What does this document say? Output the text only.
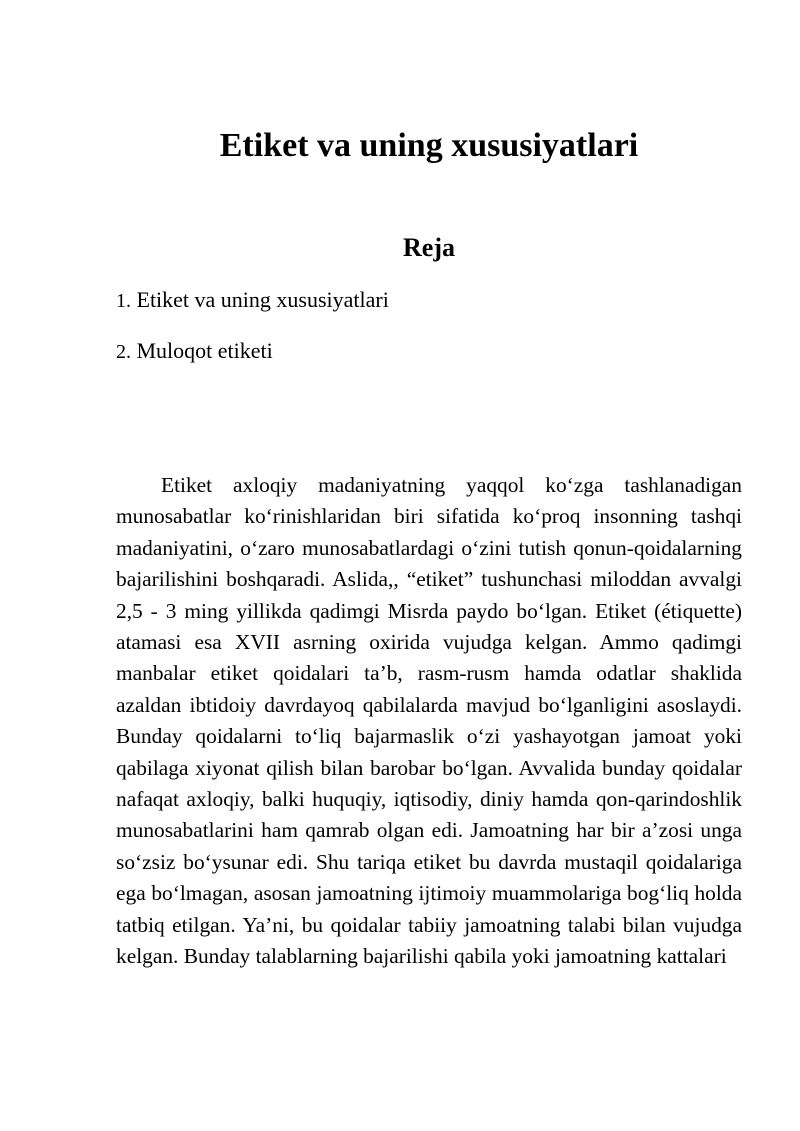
Etiket va uning xususiyatlari
Reja
1. Etiket va uning xususiyatlari
2. Muloqot etiketi

Etiket axloqiy madaniyatning yaqqol koʻzga tashlanadigan munosabatlar koʻrinishlaridan biri sifatida koʻproq insonning tashqi madaniyatini, oʻzaro munosabatlardagi oʻzini tutish qonun-qoidalarning bajarilishini boshqaradi. Aslida,, “etiket” tushunchasi miloddan avvalgi 2,5 - 3 ming yillikda qadimgi Misrda paydo boʻlgan. Etiket (étiquette) atamasi esa XVII asrning oxirida vujudga kelgan. Ammo qadimgi manbalar etiket qoidalari taʼb, rasm-rusm hamda odatlar shaklida azaldan ibtidoiy davrdayoq qabilalarda mavjud boʻlganligini asoslaydi. Bunday qoidalarni toʻliq bajarmaslik oʻzi yashayotgan jamoat yoki qabilaga xiyonat qilish bilan barobar boʻlgan. Avvalida bunday qoidalar nafaqat axloqiy, balki huquqiy, iqtisodiy, diniy hamda qon-qarindoshlik munosabatlarini ham qamrab olgan edi. Jamoatning har bir aʼzosi unga soʻzsiz boʻysunar edi. Shu tariqa etiket bu davrda mustaqil qoidalariga ega boʻlmagan, asosan jamoatning ijtimoiy muammolariga bogʻliq holda tatbiq etilgan. Yaʼni, bu qoidalar tabiiy jamoatning talabi bilan vujudga kelgan. Bunday talablarning bajarilishi qabila yoki jamoatning kattalari
